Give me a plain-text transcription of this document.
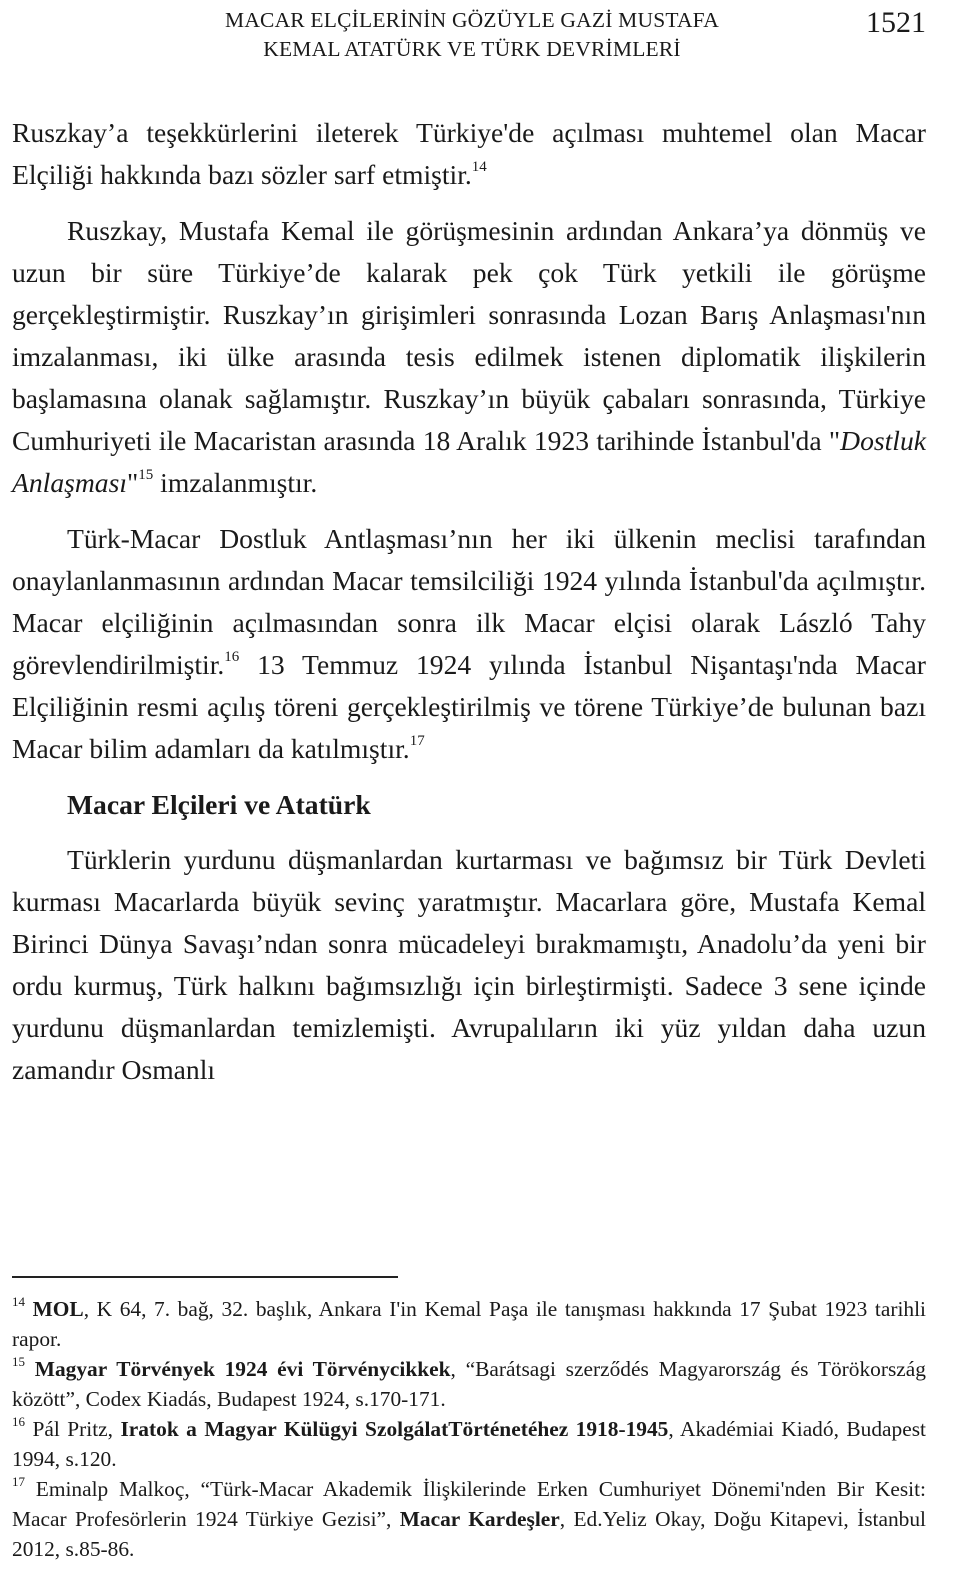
MACAR ELÇİLERİNİN GÖZÜYLE GAZİ MUSTAFA
KEMAL ATATÜRK VE TÜRK DEVRİMLERİ
1521

Ruszkay’a teşekkürlerini ileterek Türkiye'de açılması muhtemel olan Macar Elçiliği hakkında bazı sözler sarf etmiştir.$^{14}$

Ruszkay, Mustafa Kemal ile görüşmesinin ardından Ankara’ya dönmüş ve uzun bir süre Türkiye’de kalarak pek çok Türk yetkili ile görüşme gerçekleştirmiştir. Ruszkay’ın girişimleri sonrasında Lozan Barış Anlaşması'nın imzalanması, iki ülke arasında tesis edilmek istenen diplomatik ilişkilerin başlamasına olanak sağlamıştır. Ruszkay’ın büyük çabaları sonrasında, Türkiye Cumhuriyeti ile Macaristan arasında 18 Aralık 1923 tarihinde İstanbul'da "Dostluk Anlaşması"$^{15}$ imzalanmıştır.

Türk-Macar Dostluk Antlaşması’nın her iki ülkenin meclisi tarafından onaylanlanmasının ardından Macar temsilciliği 1924 yılında İstanbul'da açılmıştır. Macar elçiliğinin açılmasından sonra ilk Macar elçisi olarak László Tahy görevlendirilmiştir.$^{16}$ 13 Temmuz 1924 yılında İstanbul Nişantaşı'nda Macar Elçiliğinin resmi açılış töreni gerçekleştirilmiş ve törene Türkiye’de bulunan bazı Macar bilim adamları da katılmıştır.$^{17}$

Macar Elçileri ve Atatürk

Türklerin yurdunu düşmanlardan kurtarması ve bağımsız bir Türk Devleti kurması Macarlarda büyük sevinç yaratmıştır. Macarlara göre, Mustafa Kemal Birinci Dünya Savaşı’ndan sonra mücadeleyi bırakmamıştı, Anadolu’da yeni bir ordu kurmuş, Türk halkını bağımsızlığı için birleştirmişti. Sadece 3 sene içinde yurdunu düşmanlardan temizlemişti. Avrupalıların iki yüz yıldan daha uzun zamandır Osmanlı

$^{14}$ MOL, K 64, 7. bağ, 32. başlık, Ankara I'in Kemal Paşa ile tanışması hakkında 17 Şubat 1923 tarihli rapor.

$^{15}$ Magyar Törvények 1924 évi Törvénycikkek, “Barátsagi szerződés Magyarország és Törökország között”, Codex Kiadás, Budapest 1924, s.170-171.

$^{16}$ Pál Pritz, Iratok a Magyar Külügyi SzolgálatTörténetéhez 1918-1945, Akadémiai Kiadó, Budapest 1994, s.120.

$^{17}$ Eminalp Malkoç, “Türk-Macar Akademik İlişkilerinde Erken Cumhuriyet Dönemi'nden Bir Kesit: Macar Profesörlerin 1924 Türkiye Gezisi”, Macar Kardeşler, Ed.Yeliz Okay, Doğu Kitapevi, İstanbul 2012, s.85-86.
